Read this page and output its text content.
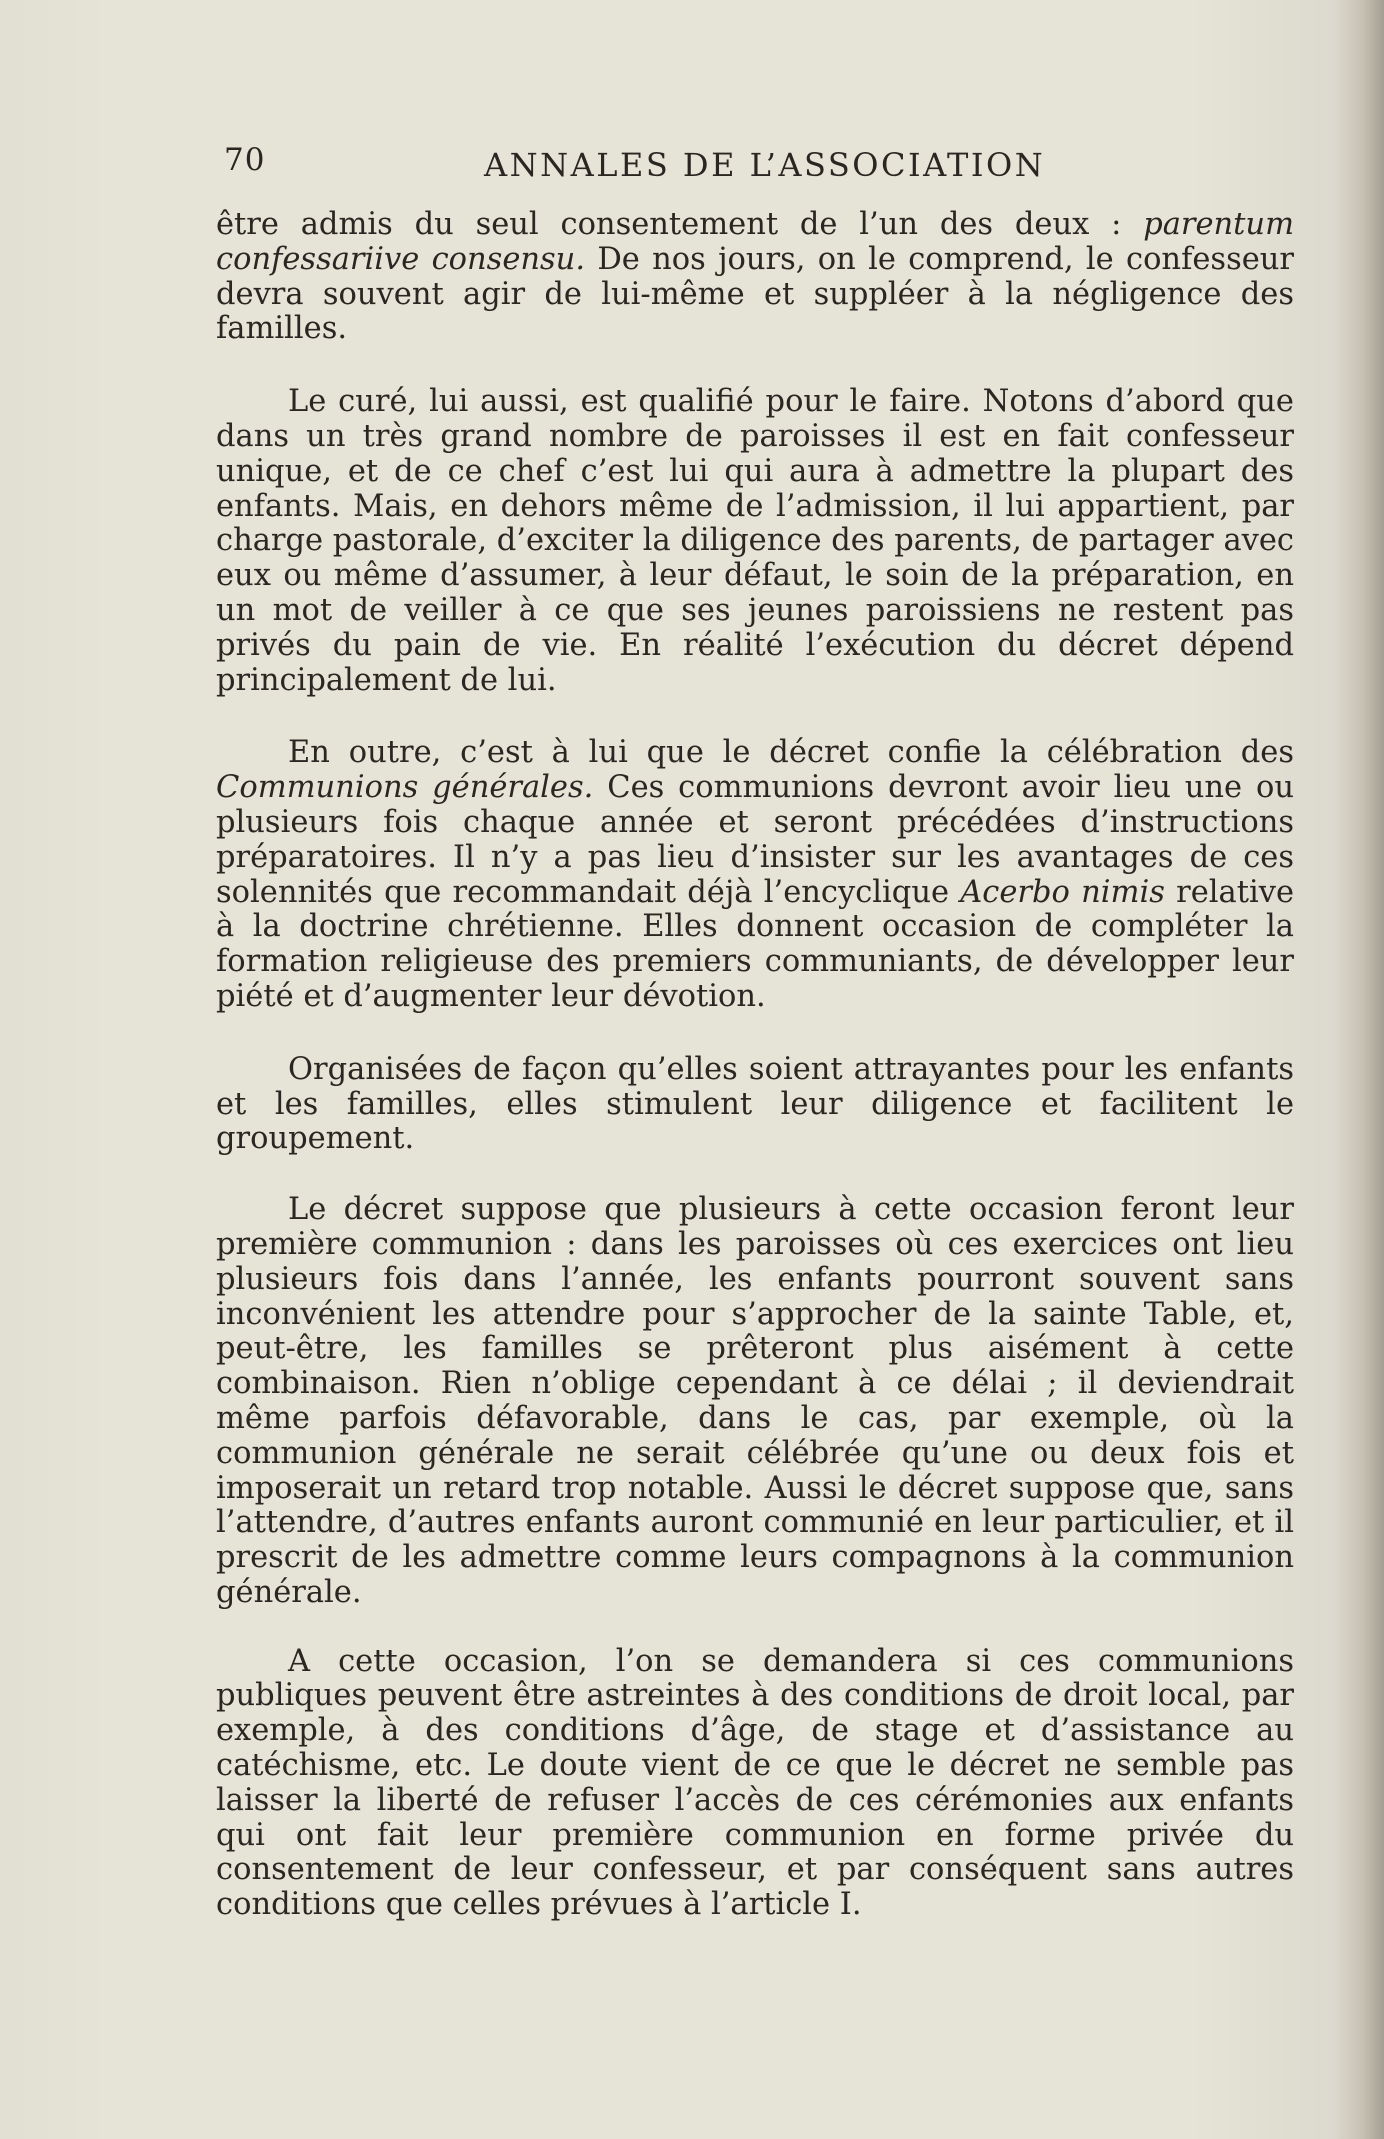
70	ANNALES DE L’ASSOCIATION

être admis du seul consentement de l’un des deux : parentum confessariive consensu. De nos jours, on le comprend, le confesseur devra souvent agir de lui-même et suppléer à la négligence des familles.

Le curé, lui aussi, est qualifié pour le faire. Notons d’abord que dans un très grand nombre de paroisses il est en fait confesseur unique, et de ce chef c’est lui qui aura à admettre la plupart des enfants. Mais, en dehors même de l’admission, il lui appartient, par charge pastorale, d’exciter la diligence des parents, de partager avec eux ou même d’assumer, à leur défaut, le soin de la préparation, en un mot de veiller à ce que ses jeunes paroissiens ne restent pas privés du pain de vie. En réalité l’exécution du décret dépend principalement de lui.

En outre, c’est à lui que le décret confie la célébration des Communions générales. Ces communions devront avoir lieu une ou plusieurs fois chaque année et seront précédées d’instructions préparatoires. Il n’y a pas lieu d’insister sur les avantages de ces solennités que recommandait déjà l’encyclique Acerbo nimis relative à la doctrine chrétienne. Elles donnent occasion de compléter la formation religieuse des premiers communiants, de développer leur piété et d’augmenter leur dévotion.

Organisées de façon qu’elles soient attrayantes pour les enfants et les familles, elles stimulent leur diligence et facilitent le groupement.

Le décret suppose que plusieurs à cette occasion feront leur première communion : dans les paroisses où ces exercices ont lieu plusieurs fois dans l’année, les enfants pourront souvent sans inconvénient les attendre pour s’approcher de la sainte Table, et, peut-être, les familles se prêteront plus aisément à cette combinaison. Rien n’oblige cependant à ce délai ; il deviendrait même parfois défavorable, dans le cas, par exemple, où la communion générale ne serait célébrée qu’une ou deux fois et imposerait un retard trop notable. Aussi le décret suppose que, sans l’attendre, d’autres enfants auront communié en leur particulier, et il prescrit de les admettre comme leurs compagnons à la communion générale.

A cette occasion, l’on se demandera si ces communions publiques peuvent être astreintes à des conditions de droit local, par exemple, à des conditions d’âge, de stage et d’assistance au catéchisme, etc. Le doute vient de ce que le décret ne semble pas laisser la liberté de refuser l’accès de ces cérémonies aux enfants qui ont fait leur première communion en forme privée du consentement de leur confesseur, et par conséquent sans autres conditions que celles prévues à l’article I.
